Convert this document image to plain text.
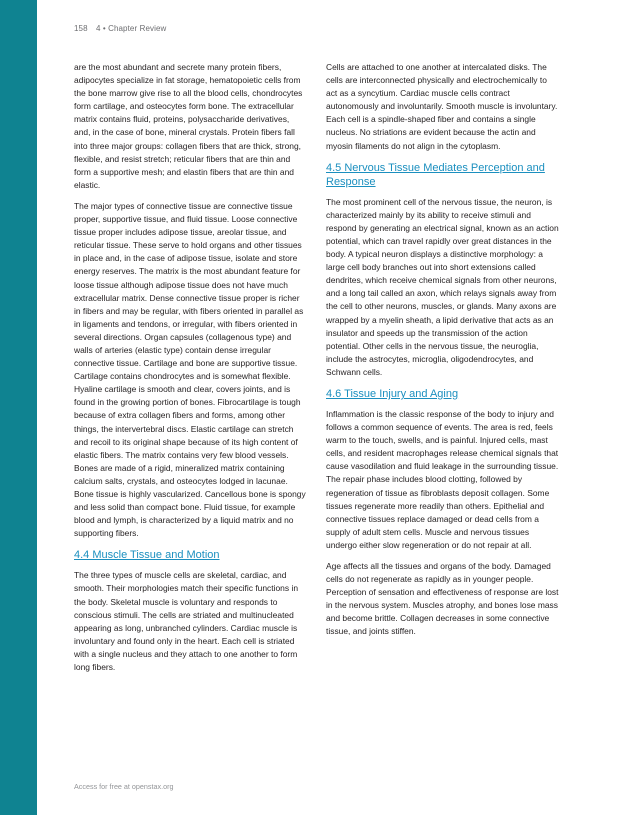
158 4 • Chapter Review

are the most abundant and secrete many protein fibers, adipocytes specialize in fat storage, hematopoietic cells from the bone marrow give rise to all the blood cells, chondrocytes form cartilage, and osteocytes form bone. The extracellular matrix contains fluid, proteins, polysaccharide derivatives, and, in the case of bone, mineral crystals. Protein fibers fall into three major groups: collagen fibers that are thick, strong, flexible, and resist stretch; reticular fibers that are thin and form a supportive mesh; and elastin fibers that are thin and elastic.

The major types of connective tissue are connective tissue proper, supportive tissue, and fluid tissue. Loose connective tissue proper includes adipose tissue, areolar tissue, and reticular tissue. These serve to hold organs and other tissues in place and, in the case of adipose tissue, isolate and store energy reserves. The matrix is the most abundant feature for loose tissue although adipose tissue does not have much extracellular matrix. Dense connective tissue proper is richer in fibers and may be regular, with fibers oriented in parallel as in ligaments and tendons, or irregular, with fibers oriented in several directions. Organ capsules (collagenous type) and walls of arteries (elastic type) contain dense irregular connective tissue. Cartilage and bone are supportive tissue. Cartilage contains chondrocytes and is somewhat flexible. Hyaline cartilage is smooth and clear, covers joints, and is found in the growing portion of bones. Fibrocartilage is tough because of extra collagen fibers and forms, among other things, the intervertebral discs. Elastic cartilage can stretch and recoil to its original shape because of its high content of elastic fibers. The matrix contains very few blood vessels. Bones are made of a rigid, mineralized matrix containing calcium salts, crystals, and osteocytes lodged in lacunae. Bone tissue is highly vascularized. Cancellous bone is spongy and less solid than compact bone. Fluid tissue, for example blood and lymph, is characterized by a liquid matrix and no supporting fibers.

4.4 Muscle Tissue and Motion

The three types of muscle cells are skeletal, cardiac, and smooth. Their morphologies match their specific functions in the body. Skeletal muscle is voluntary and responds to conscious stimuli. The cells are striated and multinucleated appearing as long, unbranched cylinders. Cardiac muscle is involuntary and found only in the heart. Each cell is striated with a single nucleus and they attach to one another to form long fibers.

Cells are attached to one another at intercalated disks. The cells are interconnected physically and electrochemically to act as a syncytium. Cardiac muscle cells contract autonomously and involuntarily. Smooth muscle is involuntary. Each cell is a spindle-shaped fiber and contains a single nucleus. No striations are evident because the actin and myosin filaments do not align in the cytoplasm.

4.5 Nervous Tissue Mediates Perception and Response

The most prominent cell of the nervous tissue, the neuron, is characterized mainly by its ability to receive stimuli and respond by generating an electrical signal, known as an action potential, which can travel rapidly over great distances in the body. A typical neuron displays a distinctive morphology: a large cell body branches out into short extensions called dendrites, which receive chemical signals from other neurons, and a long tail called an axon, which relays signals away from the cell to other neurons, muscles, or glands. Many axons are wrapped by a myelin sheath, a lipid derivative that acts as an insulator and speeds up the transmission of the action potential. Other cells in the nervous tissue, the neuroglia, include the astrocytes, microglia, oligodendrocytes, and Schwann cells.

4.6 Tissue Injury and Aging

Inflammation is the classic response of the body to injury and follows a common sequence of events. The area is red, feels warm to the touch, swells, and is painful. Injured cells, mast cells, and resident macrophages release chemical signals that cause vasodilation and fluid leakage in the surrounding tissue. The repair phase includes blood clotting, followed by regeneration of tissue as fibroblasts deposit collagen. Some tissues regenerate more readily than others. Epithelial and connective tissues replace damaged or dead cells from a supply of adult stem cells. Muscle and nervous tissues undergo either slow regeneration or do not repair at all.

Age affects all the tissues and organs of the body. Damaged cells do not regenerate as rapidly as in younger people. Perception of sensation and effectiveness of response are lost in the nervous system. Muscles atrophy, and bones lose mass and become brittle. Collagen decreases in some connective tissue, and joints stiffen.

Access for free at openstax.org
